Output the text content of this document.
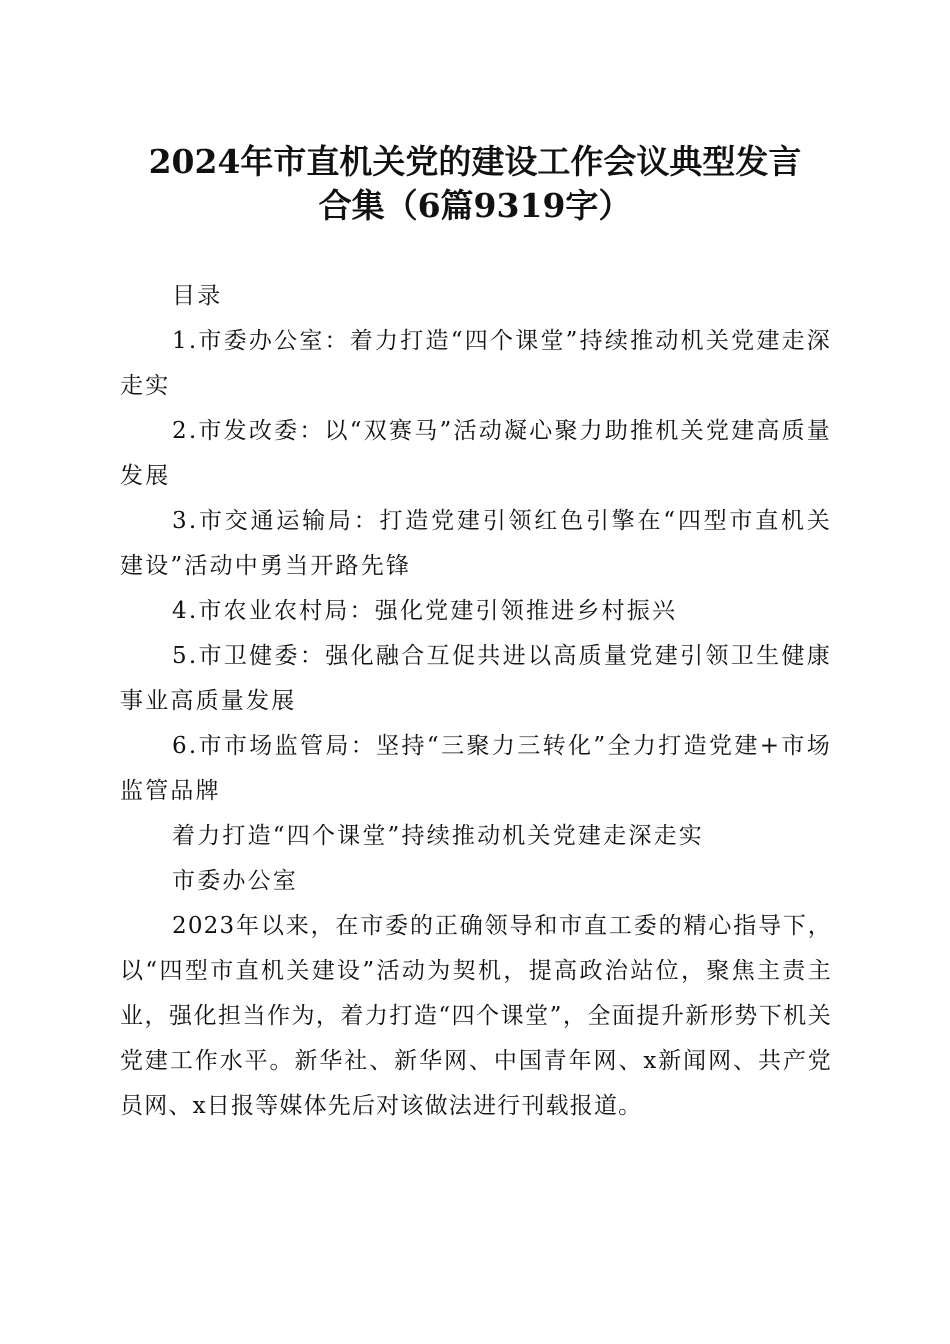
2024年市直机关党的建设工作会议典型发言
合集（6篇9319字）

目录

1.市委办公室：着力打造“四个课堂”持续推动机关党建走深走实

2.市发改委：以“双赛马”活动凝心聚力助推机关党建高质量发展

3.市交通运输局：打造党建引领红色引擎在“四型市直机关建设”活动中勇当开路先锋

4.市农业农村局：强化党建引领推进乡村振兴

5.市卫健委：强化融合互促共进以高质量党建引领卫生健康事业高质量发展

6.市市场监管局：坚持“三聚力三转化”全力打造党建+市场监管品牌

着力打造“四个课堂”持续推动机关党建走深走实

市委办公室

2023年以来，在市委的正确领导和市直工委的精心指导下，以“四型市直机关建设”活动为契机，提高政治站位，聚焦主责主业，强化担当作为，着力打造“四个课堂”，全面提升新形势下机关党建工作水平。新华社、新华网、中国青年网、x新闻网、共产党员网、x日报等媒体先后对该做法进行刊载报道。
